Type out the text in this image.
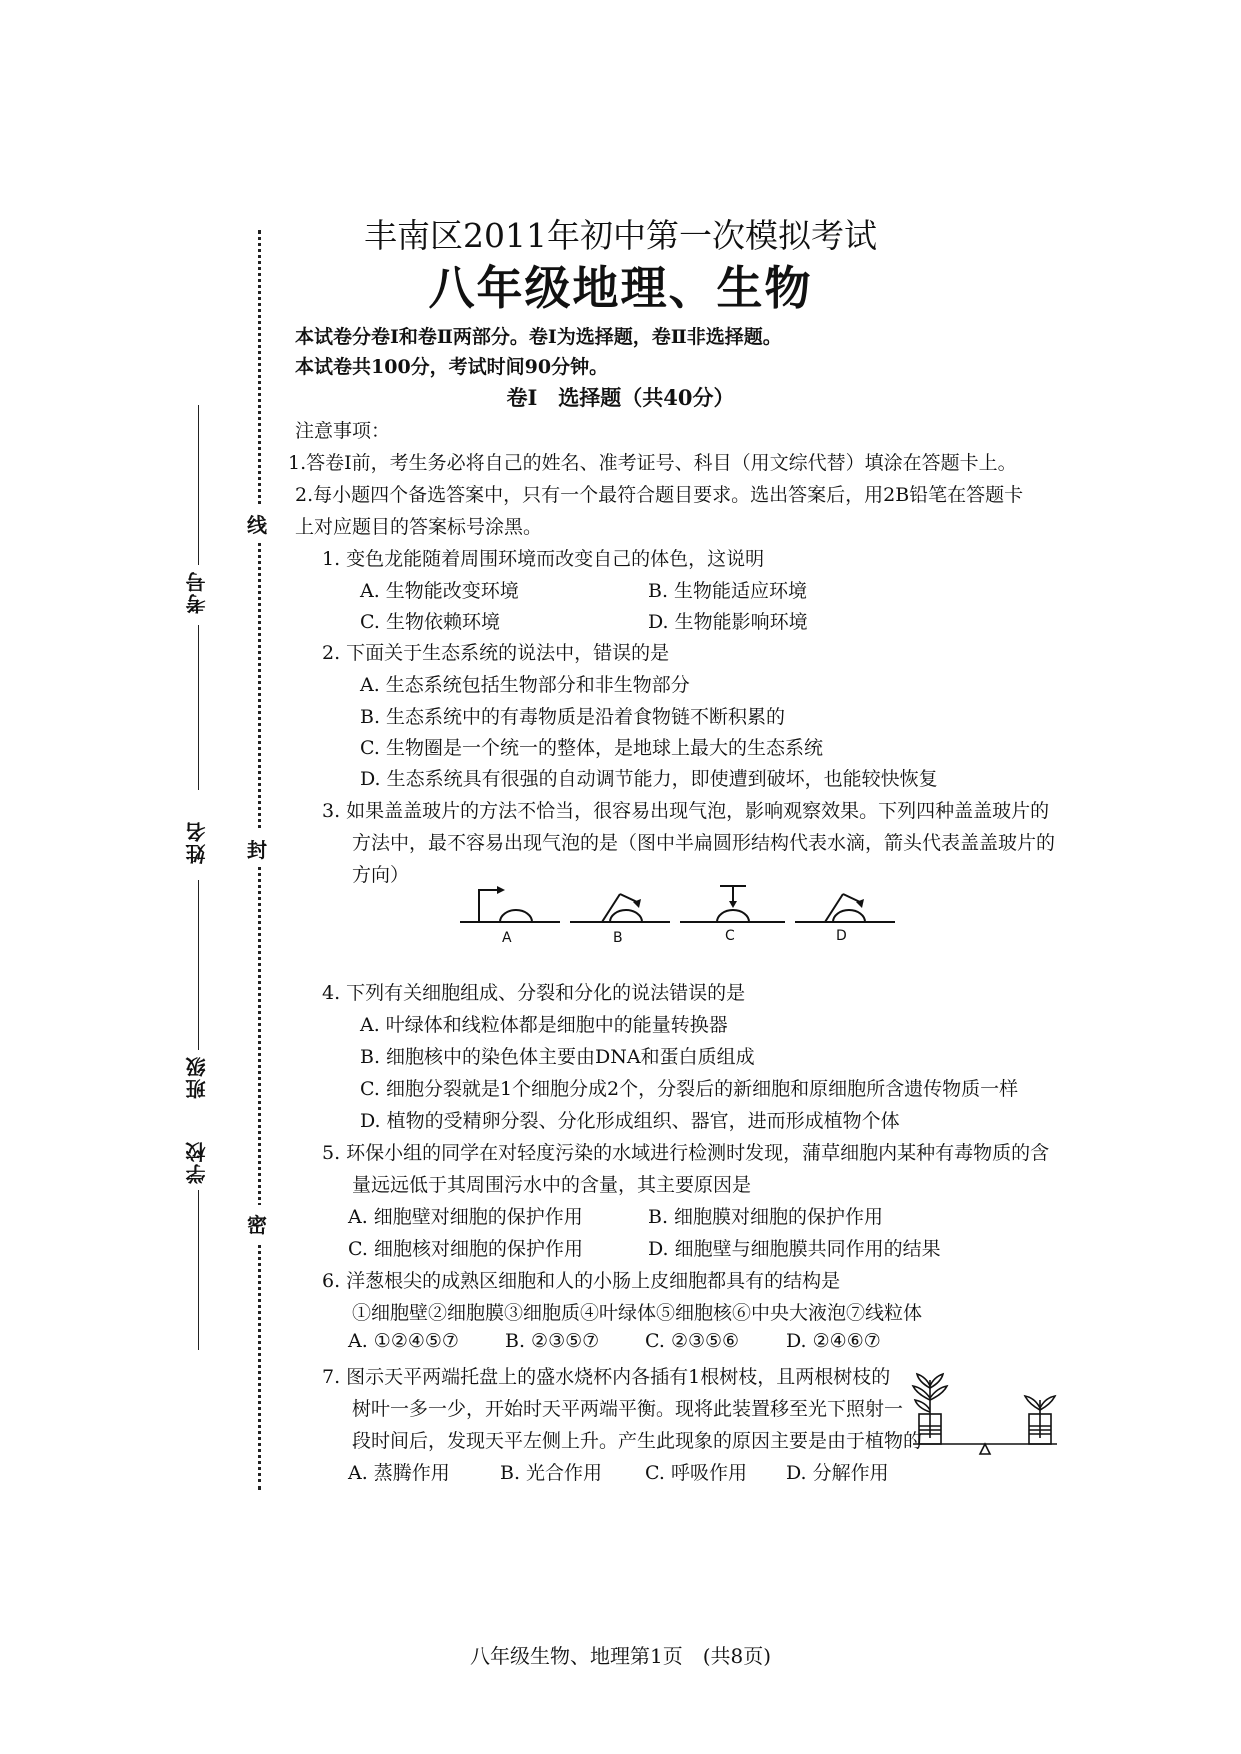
线
封
密
考号
姓名
班级
学校
丰南区2011年初中第一次模拟考试
八年级地理、生物
本试卷分卷Ⅰ和卷Ⅱ两部分。卷Ⅰ为选择题，卷Ⅱ非选择题。
本试卷共100分，考试时间90分钟。
卷Ⅰ　选择题（共40分）
注意事项：
1.答卷Ⅰ前，考生务必将自己的姓名、准考证号、科目（用文综代替）填涂在答题卡上。
2.每小题四个备选答案中，只有一个最符合题目要求。选出答案后，用2B铅笔在答题卡
上对应题目的答案标号涂黑。
1. 变色龙能随着周围环境而改变自己的体色，这说明
A. 生物能改变环境	B. 生物能适应环境
C. 生物依赖环境	D. 生物能影响环境
2. 下面关于生态系统的说法中，错误的是
A. 生态系统包括生物部分和非生物部分
B. 生态系统中的有毒物质是沿着食物链不断积累的
C. 生物圈是一个统一的整体，是地球上最大的生态系统
D. 生态系统具有很强的自动调节能力，即使遭到破坏，也能较快恢复
3. 如果盖盖玻片的方法不恰当，很容易出现气泡，影响观察效果。下列四种盖盖玻片的
方法中，最不容易出现气泡的是（图中半扁圆形结构代表水滴，箭头代表盖盖玻片的
方向）
A	B	C	D
4. 下列有关细胞组成、分裂和分化的说法错误的是
A. 叶绿体和线粒体都是细胞中的能量转换器
B. 细胞核中的染色体主要由DNA和蛋白质组成
C. 细胞分裂就是1个细胞分成2个，分裂后的新细胞和原细胞所含遗传物质一样
D. 植物的受精卵分裂、分化形成组织、器官，进而形成植物个体
5. 环保小组的同学在对轻度污染的水域进行检测时发现，蒲草细胞内某种有毒物质的含
量远远低于其周围污水中的含量，其主要原因是
A. 细胞壁对细胞的保护作用	B. 细胞膜对细胞的保护作用
C. 细胞核对细胞的保护作用	D. 细胞壁与细胞膜共同作用的结果
6. 洋葱根尖的成熟区细胞和人的小肠上皮细胞都具有的结构是
①细胞壁②细胞膜③细胞质④叶绿体⑤细胞核⑥中央大液泡⑦线粒体
A. ①②④⑤⑦ B. ②③⑤⑦ C. ②③⑤⑥ D. ②④⑥⑦
7. 图示天平两端托盘上的盛水烧杯内各插有1根树枝，且两根树枝的
树叶一多一少，开始时天平两端平衡。现将此装置移至光下照射一
段时间后，发现天平左侧上升。产生此现象的原因主要是由于植物的
A. 蒸腾作用	B. 光合作用 C. 呼吸作用 D. 分解作用
八年级生物、地理第1页　(共8页)
